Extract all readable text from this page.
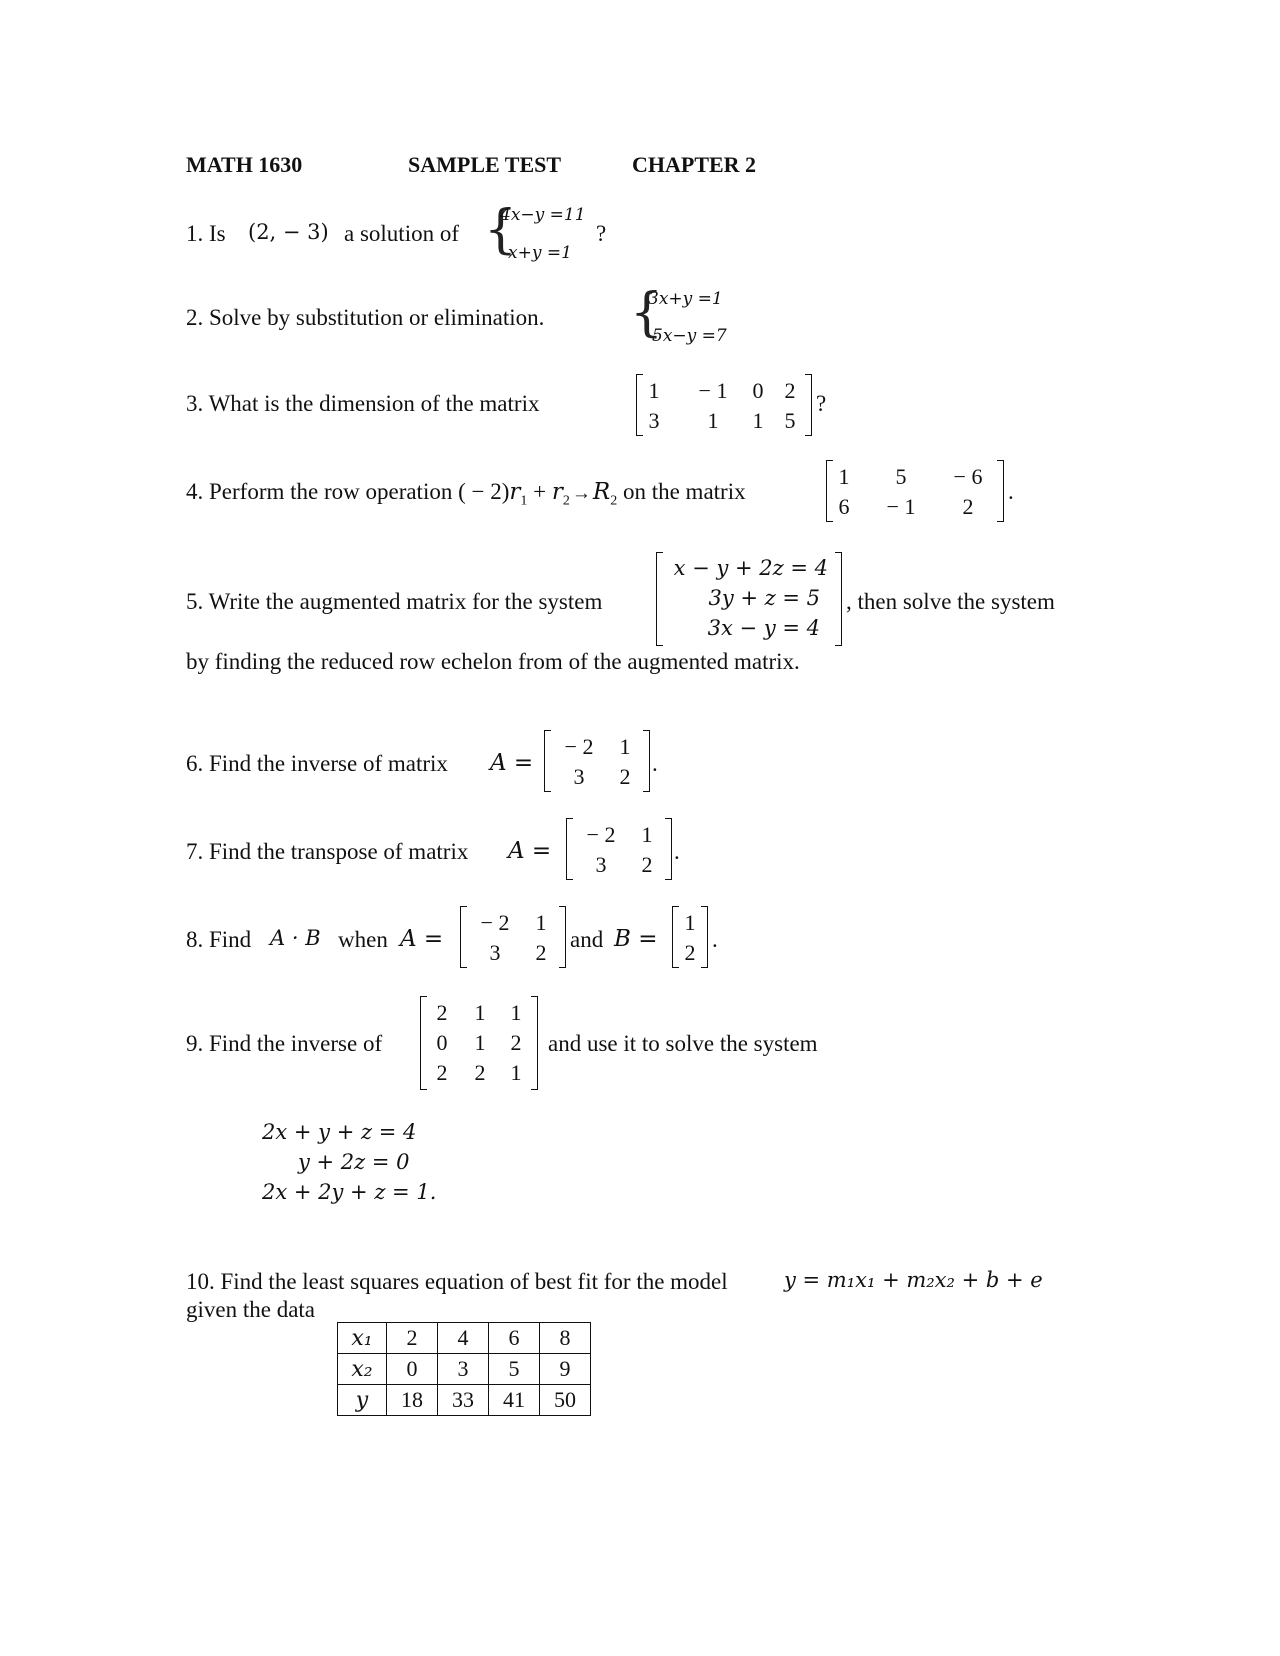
MATH 1630	SAMPLE TEST	CHAPTER 2
1. Is (2, − 3) a solution of {
4x−y =11
x+y =1
?
2. Solve by substitution or elimination. {
3x+y =1
5x−y =7
3. What is the dimension of the matrix
1	− 1	0 2
3	1	1 5
?
4. Perform the row operation ( − $2)r_1 + r_2 \to R_2$ on the matrix
1	5	− 6
6	− 1	2
.
5. Write the augmented matrix for the system
x − y + 2z = 4
3y + z = 5
3x − y = 4
, then solve the system
by finding the reduced row echelon from of the augmented matrix.
6. Find the inverse of matrix A =
− 2	1
3	2
.
7. Find the transpose of matrix A =
− 2	1
3	2
.
8. Find A · B when A =
− 2	1
3	2
and B =
1
2
.
9. Find the inverse of
2 1 1
0 1 2
2 2 1
and use it to solve the system
2x + y + z = 4
y + 2z = 0
2x + 2y + z = 1.
10. Find the least squares equation of best fit for the model	y = m₁x₁ + m₂x₂ + b + e
given the data
x₁	2	4	6	8
x₂	0	3	5	9
y	18	33	41	50
